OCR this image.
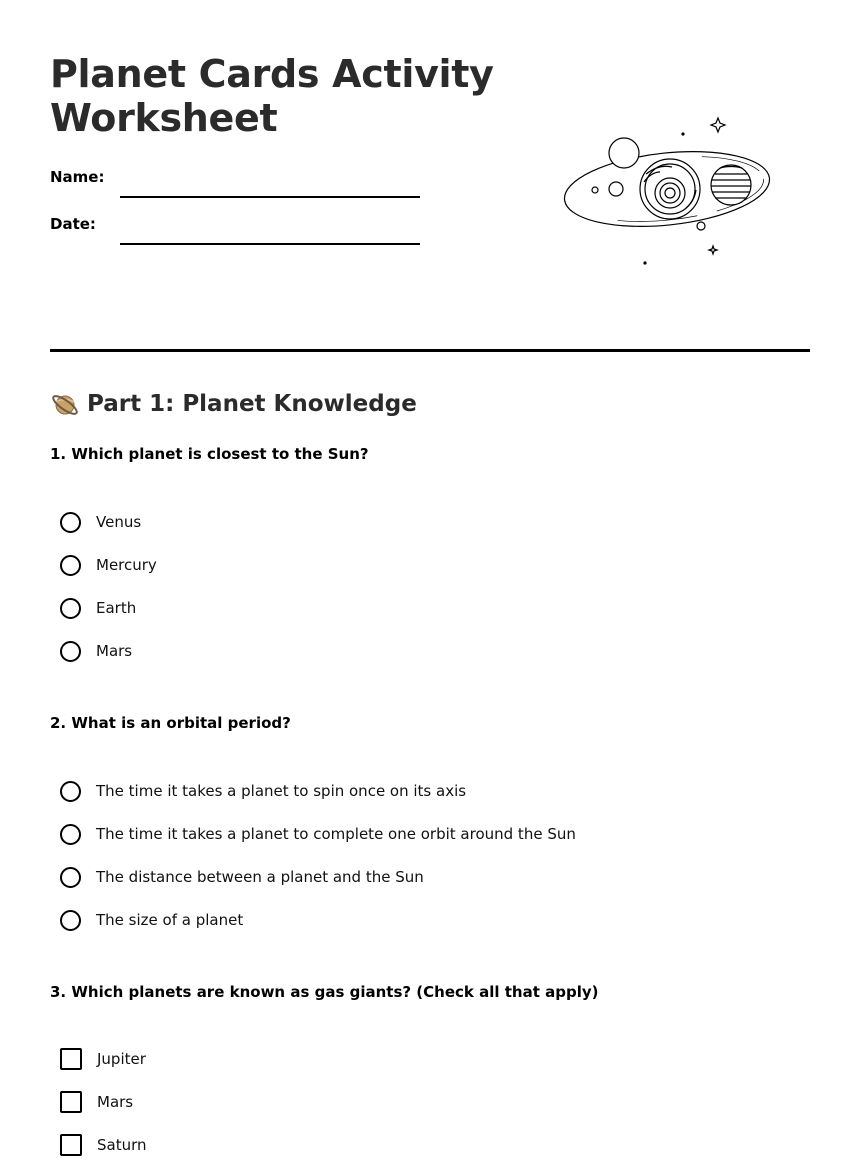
Planet Cards Activity
Worksheet
Name:
Date:
Part 1: Planet Knowledge
1. Which planet is closest to the Sun?
Venus
Mercury
Earth
Mars
2. What is an orbital period?
The time it takes a planet to spin once on its axis
The time it takes a planet to complete one orbit around the Sun
The distance between a planet and the Sun
The size of a planet
3. Which planets are known as gas giants? (Check all that apply)
Jupiter
Mars
Saturn
